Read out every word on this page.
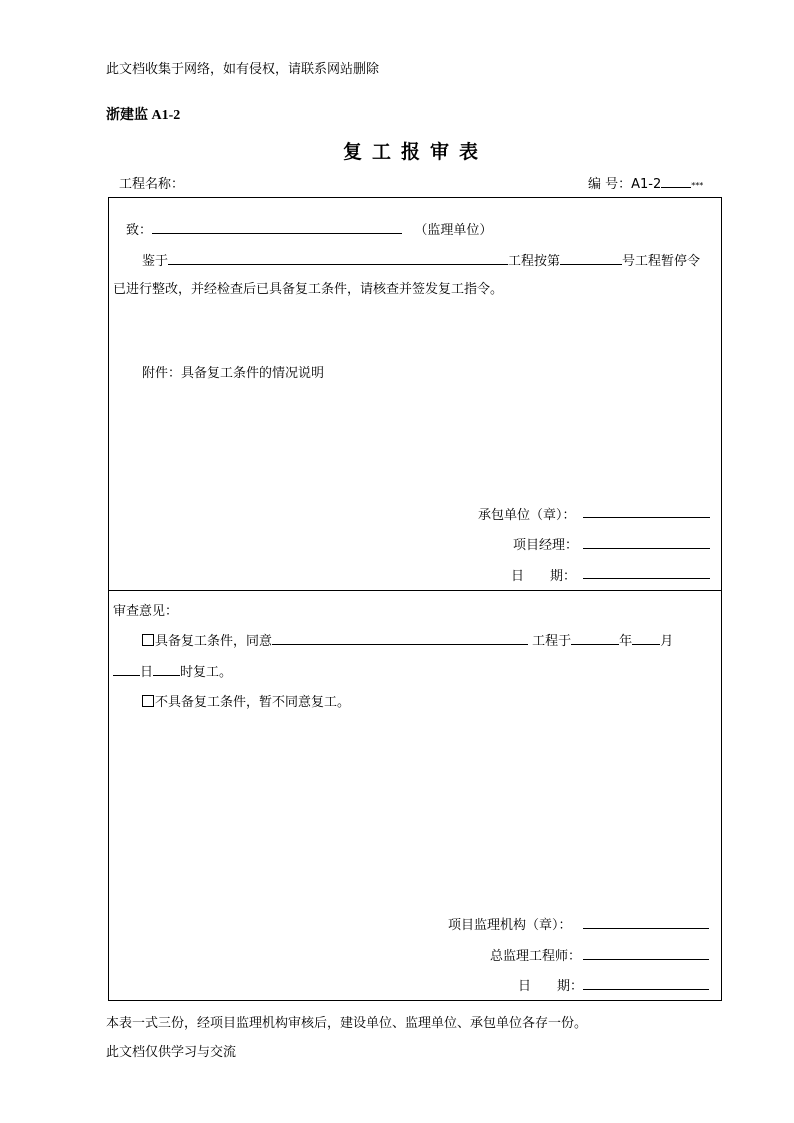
此文档收集于网络，如有侵权，请联系网站删除
浙建监 A1-2
复工报审表
工程名称：	编 号：A1-2	***
致：	（监理单位）
鉴于	工程按第	号工程暂停令
已进行整改，并经检查后已具备复工条件，请核查并签发复工指令。
附件：具备复工条件的情况说明
承包单位（章）：
项目经理：
日　　期：
审查意见：
具备复工条件，同意	工程于	年 月
日 时复工。
不具备复工条件，暂不同意复工。
项目监理机构（章）：
总监理工程师：
日　　期：
本表一式三份，经项目监理机构审核后，建设单位、监理单位、承包单位各存一份。
此文档仅供学习与交流
